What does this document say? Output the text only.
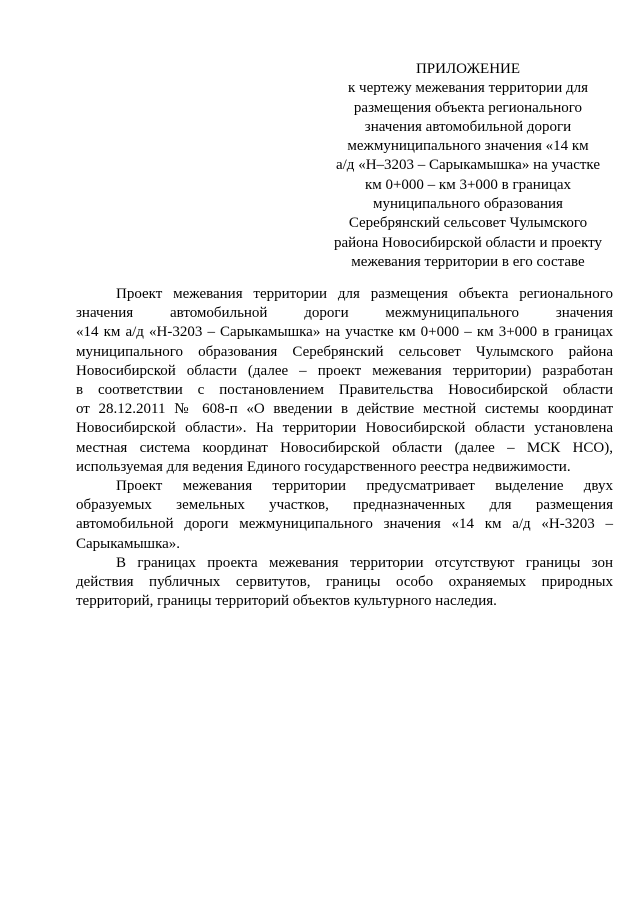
ПРИЛОЖЕНИЕ
к чертежу межевания территории для
размещения объекта регионального
значения автомобильной дороги
межмуниципального значения «14 км
а/д «Н–3203 – Сарыкамышка» на участке
км 0+000 – км 3+000 в границах
муниципального образования
Серебрянский сельсовет Чулымского
района Новосибирской области и проекту
межевания территории в его составе
Проект межевания территории для размещения объекта регионального
значения автомобильной дороги межмуниципального значения
«14 км а/д «Н-3203 – Сарыкамышка» на участке км 0+000 – км 3+000 в границах
муниципального образования Серебрянский сельсовет Чулымского района
Новосибирской области (далее – проект межевания территории) разработан
в соответствии с постановлением Правительства Новосибирской области
от 28.12.2011 № 608-п «О введении в действие местной системы координат
Новосибирской области». На территории Новосибирской области установлена
местная система координат Новосибирской области (далее – МСК НСО),
используемая для ведения Единого государственного реестра недвижимости.
Проект межевания территории предусматривает выделение двух
образуемых земельных участков, предназначенных для размещения
автомобильной дороги межмуниципального значения «14 км а/д «Н-3203 –
Сарыкамышка».
В границах проекта межевания территории отсутствуют границы зон
действия публичных сервитутов, границы особо охраняемых природных
территорий, границы территорий объектов культурного наследия.
